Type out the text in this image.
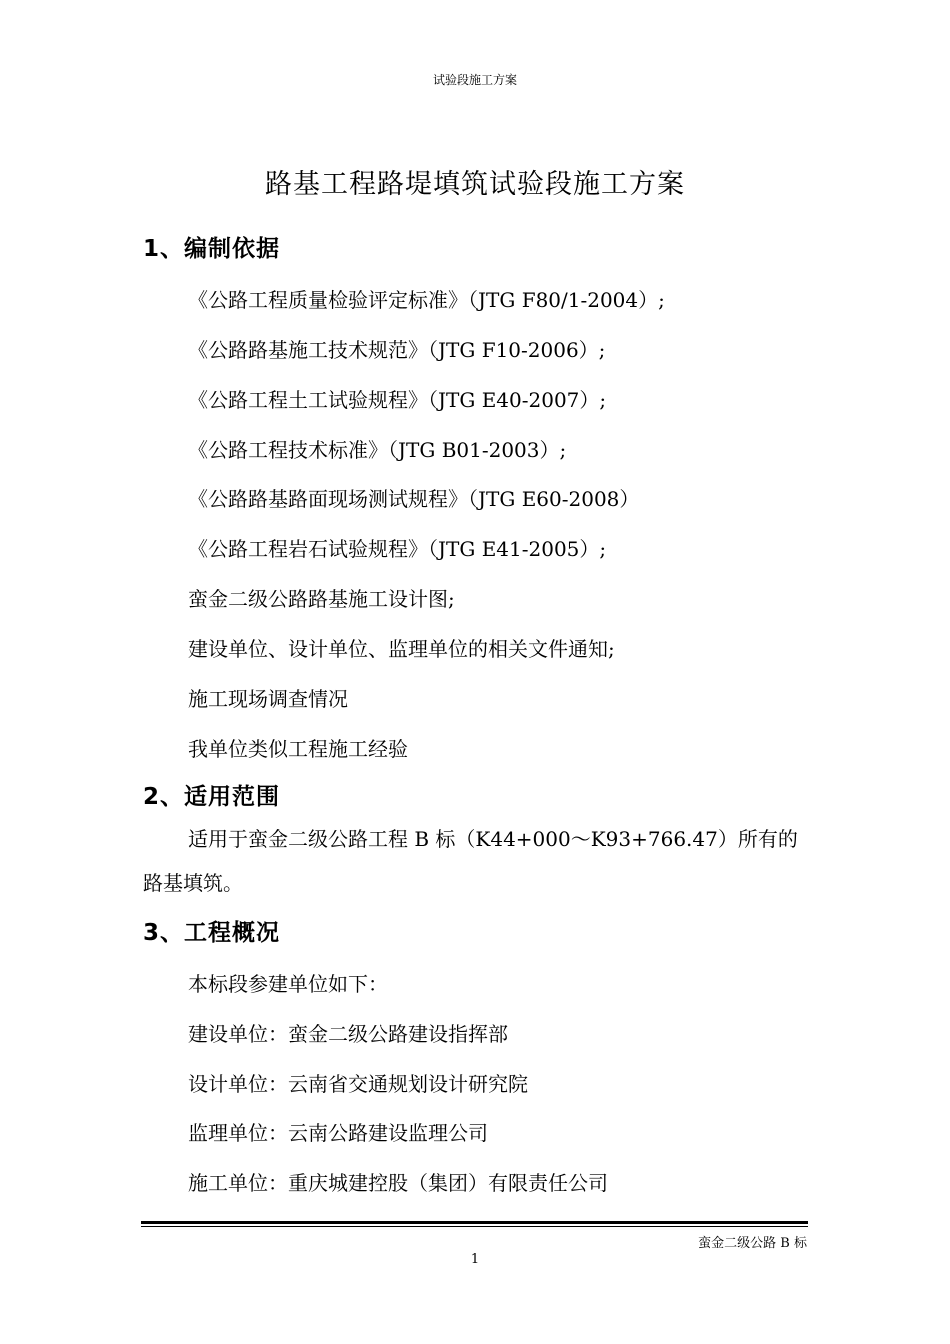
试验段施工方案
路基工程路堤填筑试验段施工方案
1、编制依据
《公路工程质量检验评定标准》（JTG F80/1-2004）;
《公路路基施工技术规范》（JTG F10-2006）;
《公路工程土工试验规程》（JTG E40-2007）;
《公路工程技术标准》（JTG B01-2003）;
《公路路基路面现场测试规程》（JTG E60-2008）
《公路工程岩石试验规程》（JTG E41-2005）;
蛮金二级公路路基施工设计图;
建设单位、设计单位、监理单位的相关文件通知;
施工现场调查情况
我单位类似工程施工经验
2、适用范围
适用于蛮金二级公路工程 B 标（K44+000～K93+766.47）所有的
路基填筑。
3、工程概况
本标段参建单位如下：
建设单位：蛮金二级公路建设指挥部
设计单位：云南省交通规划设计研究院
监理单位：云南公路建设监理公司
施工单位：重庆城建控股（集团）有限责任公司
蛮金二级公路 B 标
1
